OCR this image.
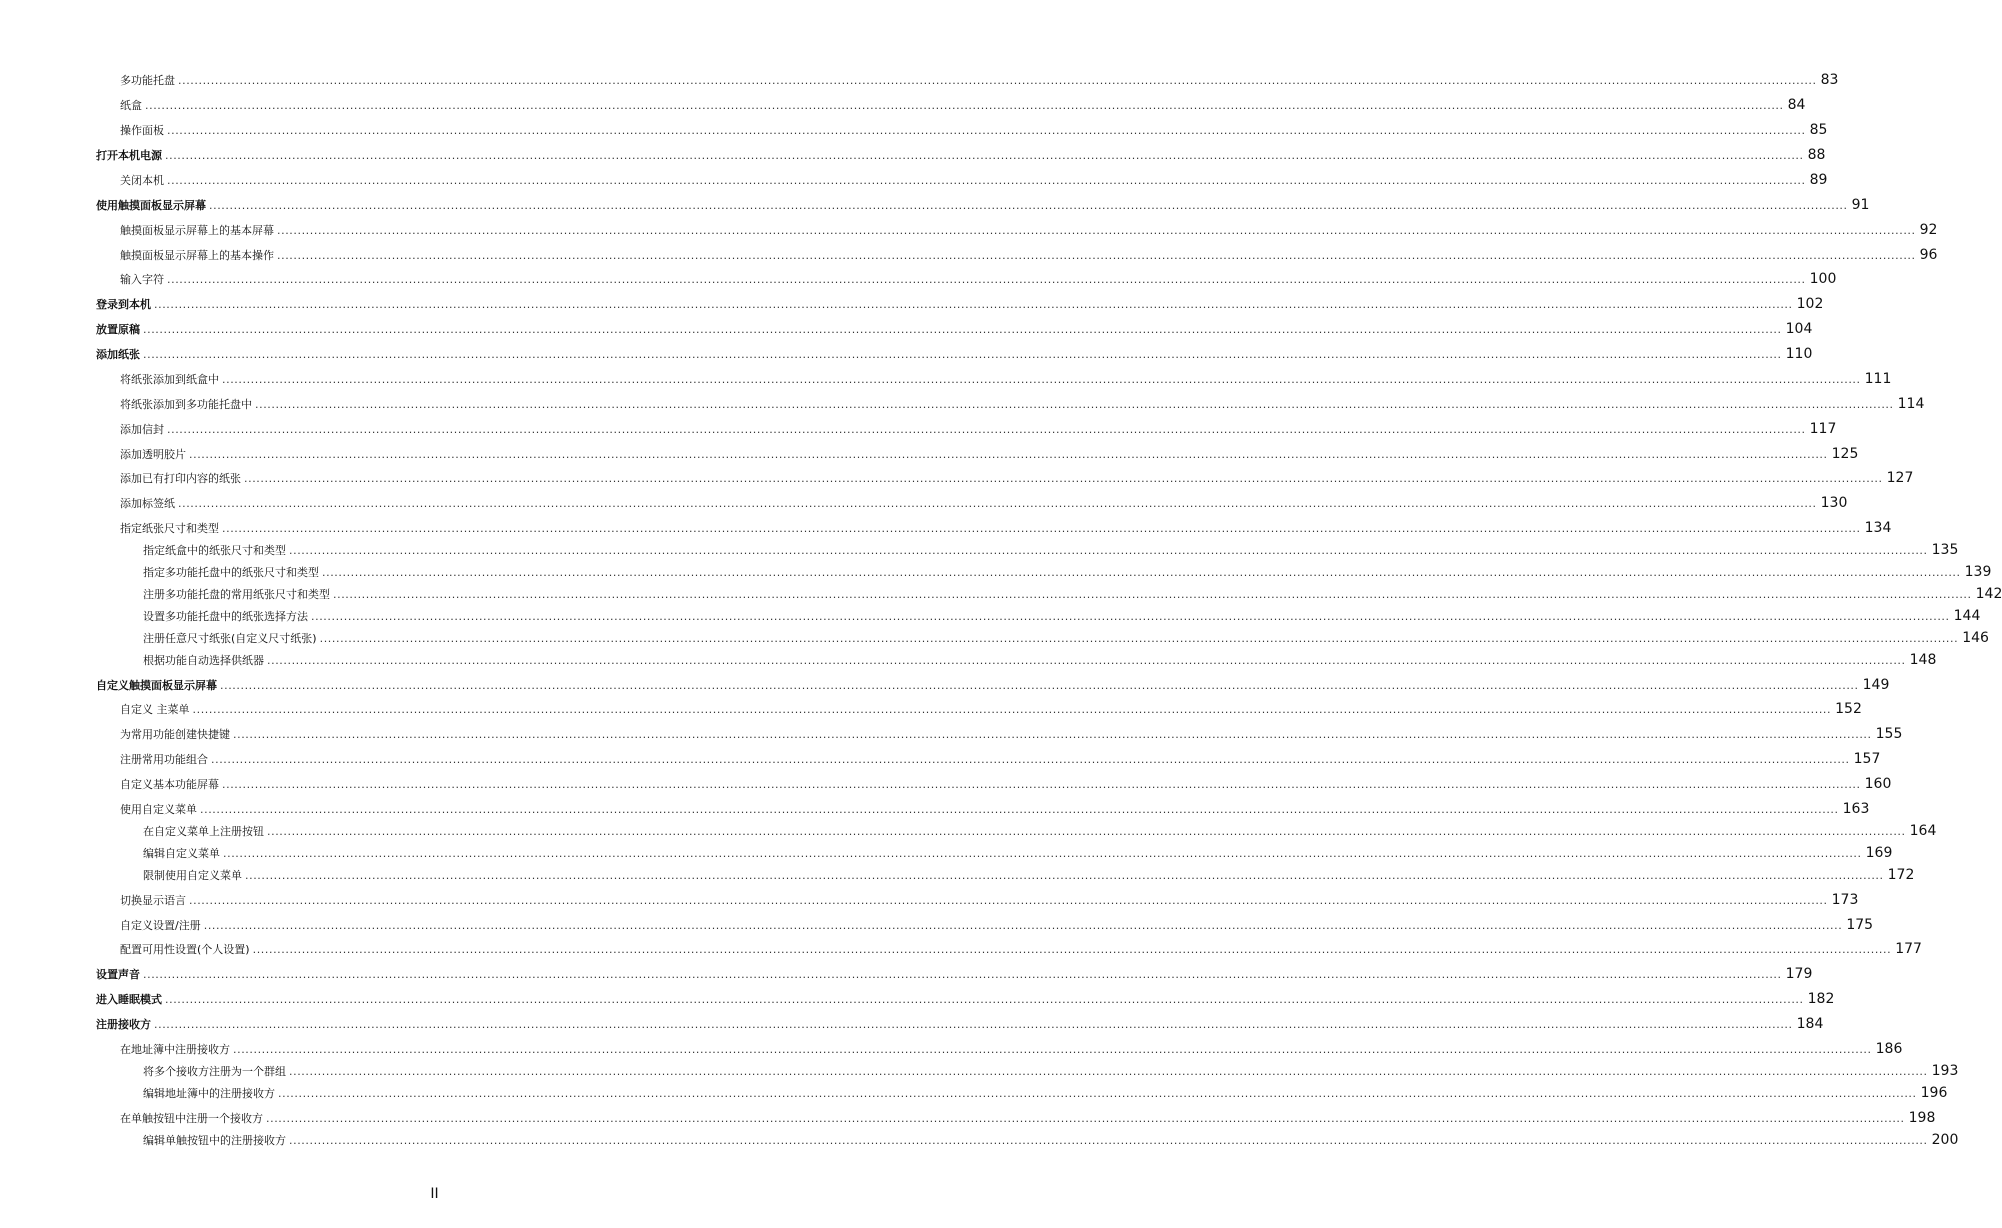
多功能托盘 ................................................................................................................................................................................................................................................................................................................................................................................................................ 83
纸盒 ................................................................................................................................................................................................................................................................................................................................................................................................................ 84
操作面板 ................................................................................................................................................................................................................................................................................................................................................................................................................ 85
打开本机电源 ................................................................................................................................................................................................................................................................................................................................................................................................................ 88
关闭本机 ................................................................................................................................................................................................................................................................................................................................................................................................................ 89
使用触摸面板显示屏幕 ................................................................................................................................................................................................................................................................................................................................................................................................................ 91
触摸面板显示屏幕上的基本屏幕 ................................................................................................................................................................................................................................................................................................................................................................................................................ 92
触摸面板显示屏幕上的基本操作 ................................................................................................................................................................................................................................................................................................................................................................................................................ 96
输入字符 ................................................................................................................................................................................................................................................................................................................................................................................................................ 100
登录到本机 ................................................................................................................................................................................................................................................................................................................................................................................................................ 102
放置原稿 ................................................................................................................................................................................................................................................................................................................................................................................................................ 104
添加纸张 ................................................................................................................................................................................................................................................................................................................................................................................................................ 110
将纸张添加到纸盒中 ................................................................................................................................................................................................................................................................................................................................................................................................................ 111
将纸张添加到多功能托盘中 ................................................................................................................................................................................................................................................................................................................................................................................................................ 114
添加信封 ................................................................................................................................................................................................................................................................................................................................................................................................................ 117
添加透明胶片 ................................................................................................................................................................................................................................................................................................................................................................................................................ 125
添加已有打印内容的纸张 ................................................................................................................................................................................................................................................................................................................................................................................................................ 127
添加标签纸 ................................................................................................................................................................................................................................................................................................................................................................................................................ 130
指定纸张尺寸和类型 ................................................................................................................................................................................................................................................................................................................................................................................................................ 134
指定纸盒中的纸张尺寸和类型 ................................................................................................................................................................................................................................................................................................................................................................................................................ 135
指定多功能托盘中的纸张尺寸和类型 ................................................................................................................................................................................................................................................................................................................................................................................................................ 139
注册多功能托盘的常用纸张尺寸和类型 ................................................................................................................................................................................................................................................................................................................................................................................................................ 142
设置多功能托盘中的纸张选择方法 ................................................................................................................................................................................................................................................................................................................................................................................................................ 144
注册任意尺寸纸张(自定义尺寸纸张) ................................................................................................................................................................................................................................................................................................................................................................................................................ 146
根据功能自动选择供纸器 ................................................................................................................................................................................................................................................................................................................................................................................................................ 148
自定义触摸面板显示屏幕 ................................................................................................................................................................................................................................................................................................................................................................................................................ 149
自定义 主菜单 ................................................................................................................................................................................................................................................................................................................................................................................................................ 152
为常用功能创建快捷键 ................................................................................................................................................................................................................................................................................................................................................................................................................ 155
注册常用功能组合 ................................................................................................................................................................................................................................................................................................................................................................................................................ 157
自定义基本功能屏幕 ................................................................................................................................................................................................................................................................................................................................................................................................................ 160
使用自定义菜单 ................................................................................................................................................................................................................................................................................................................................................................................................................ 163
在自定义菜单上注册按钮 ................................................................................................................................................................................................................................................................................................................................................................................................................ 164
编辑自定义菜单 ................................................................................................................................................................................................................................................................................................................................................................................................................ 169
限制使用自定义菜单 ................................................................................................................................................................................................................................................................................................................................................................................................................ 172
切换显示语言 ................................................................................................................................................................................................................................................................................................................................................................................................................ 173
自定义设置/注册 ................................................................................................................................................................................................................................................................................................................................................................................................................ 175
配置可用性设置(个人设置) ................................................................................................................................................................................................................................................................................................................................................................................................................ 177
设置声音 ................................................................................................................................................................................................................................................................................................................................................................................................................ 179
进入睡眠模式 ................................................................................................................................................................................................................................................................................................................................................................................................................ 182
注册接收方 ................................................................................................................................................................................................................................................................................................................................................................................................................ 184
在地址簿中注册接收方 ................................................................................................................................................................................................................................................................................................................................................................................................................ 186
将多个接收方注册为一个群组 ................................................................................................................................................................................................................................................................................................................................................................................................................ 193
编辑地址簿中的注册接收方 ................................................................................................................................................................................................................................................................................................................................................................................................................ 196
在单触按钮中注册一个接收方 ................................................................................................................................................................................................................................................................................................................................................................................................................ 198
编辑单触按钮中的注册接收方 ................................................................................................................................................................................................................................................................................................................................................................................................................ 200
II
